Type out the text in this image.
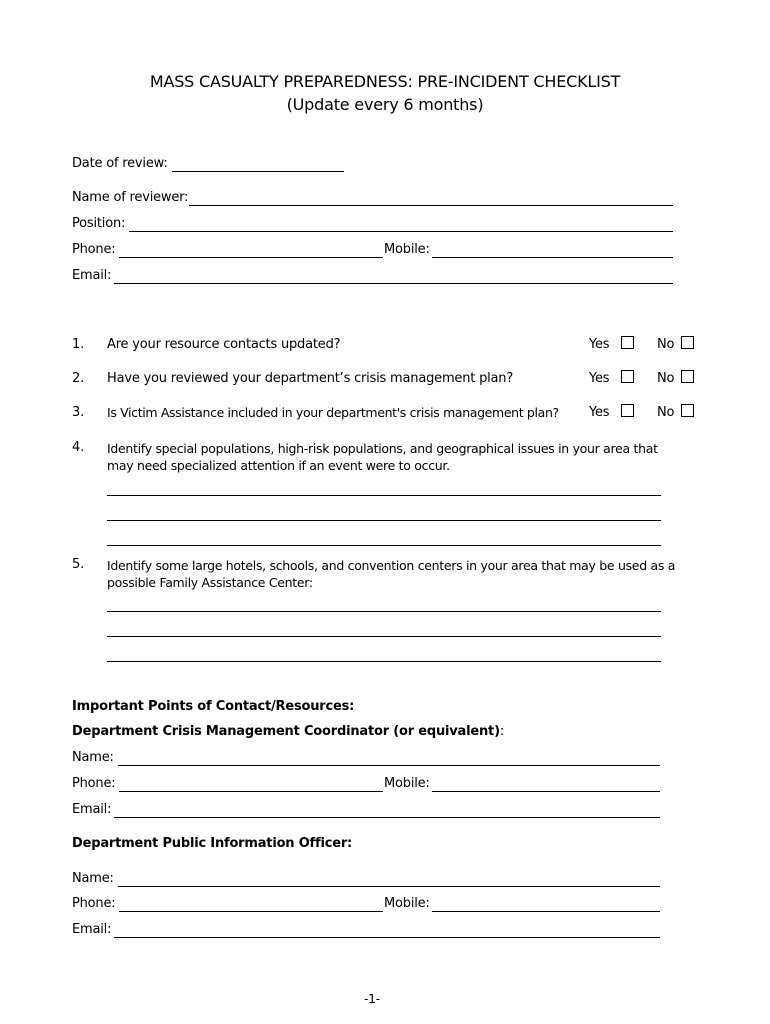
MASS CASUALTY PREPAREDNESS: PRE-INCIDENT CHECKLIST
(Update every 6 months)
Date of review:
Name of reviewer:
Position:
Phone:	Mobile:
Email:
1. Are your resource contacts updated?	Yes	No
2. Have you reviewed your department’s crisis management plan?	Yes	No
3. Is Victim Assistance included in your department's crisis management plan? Yes	No
4. Identify special populations, high-risk populations, and geographical issues in your area that may need specialized attention if an event were to occur.
5. Identify some large hotels, schools, and convention centers in your area that may be used as a possible Family Assistance Center:
Important Points of Contact/Resources:
Department Crisis Management Coordinator (or equivalent):
Name:
Phone:	Mobile:
Email:
Department Public Information Officer:
Name:
Phone:	Mobile:
Email:
-1-
